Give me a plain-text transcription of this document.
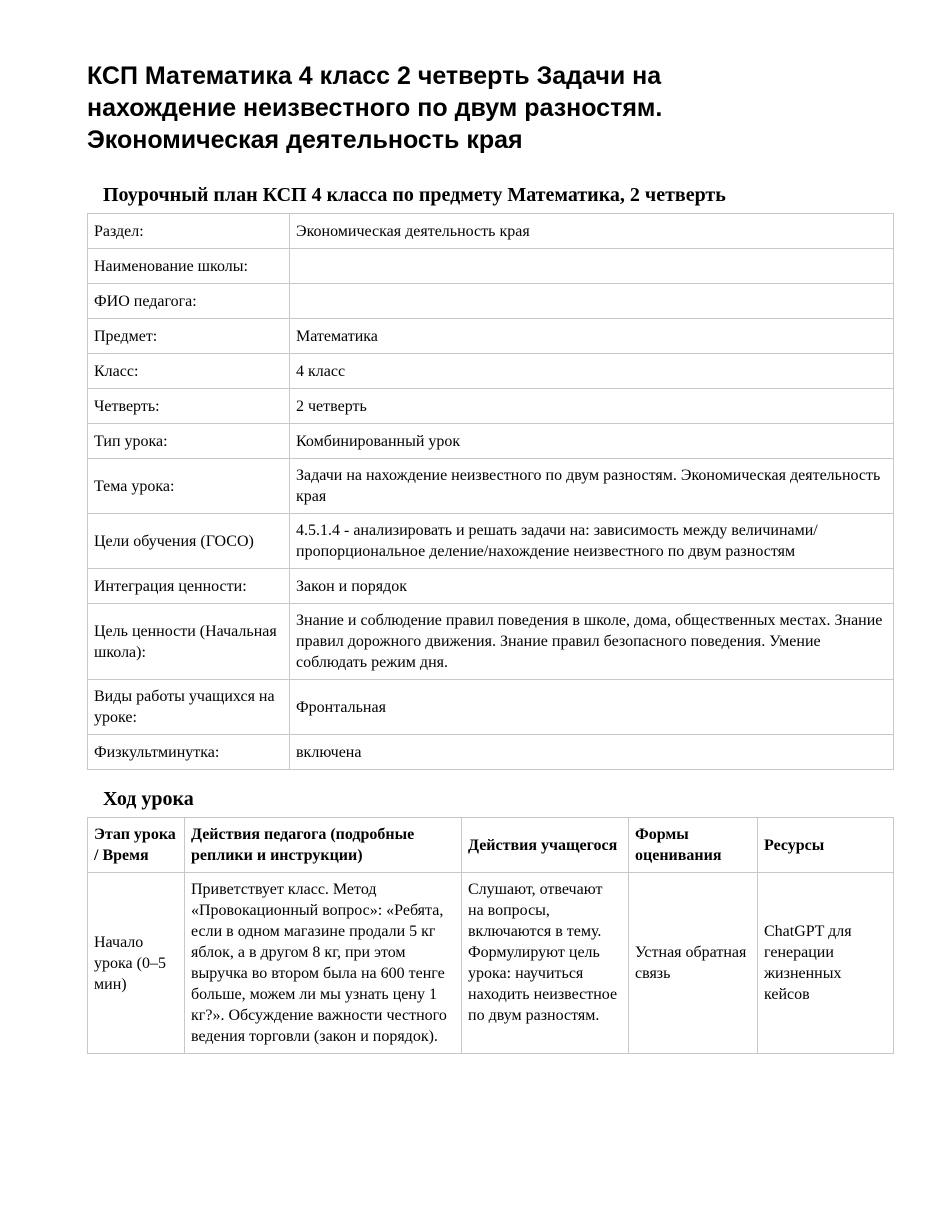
КСП Математика 4 класс 2 четверть Задачи на нахождение неизвестного по двум разностям. Экономическая деятельность края
Поурочный план КСП 4 класса по предмету Математика, 2 четверть
Раздел:	Экономическая деятельность края
Наименование школы:	
ФИО педагога:	
Предмет:	Математика
Класс:	4 класс
Четверть:	2 четверть
Тип урока:	Комбинированный урок
Тема урока:	Задачи на нахождение неизвестного по двум разностям. Экономическая деятельность края
Цели обучения (ГОСО)	4.5.1.4 - анализировать и решать задачи на: зависимость между величинами/ пропорциональное деление/нахождение неизвестного по двум разностям
Интеграция ценности:	Закон и порядок
Цель ценности (Начальная школа):	Знание и соблюдение правил поведения в школе, дома, общественных местах. Знание правил дорожного движения. Знание правил безопасного поведения. Умение соблюдать режим дня.
Виды работы учащихся на уроке:	Фронтальная
Физкультминутка:	включена
Ход урока
Этап урока / Время	Действия педагога (подробные реплики и инструкции)	Действия учащегося	Формы оценивания	Ресурсы
Начало урока (0–5 мин)	Приветствует класс. Метод «Провокационный вопрос»: «Ребята, если в одном магазине продали 5 кг яблок, а в другом 8 кг, при этом выручка во втором была на 600 тенге больше, можем ли мы узнать цену 1 кг?». Обсуждение важности честного ведения торговли (закон и порядок).	Слушают, отвечают на вопросы, включаются в тему. Формулируют цель урока: научиться находить неизвестное по двум разностям.	Устная обратная связь	ChatGPT для генерации жизненных кейсов
